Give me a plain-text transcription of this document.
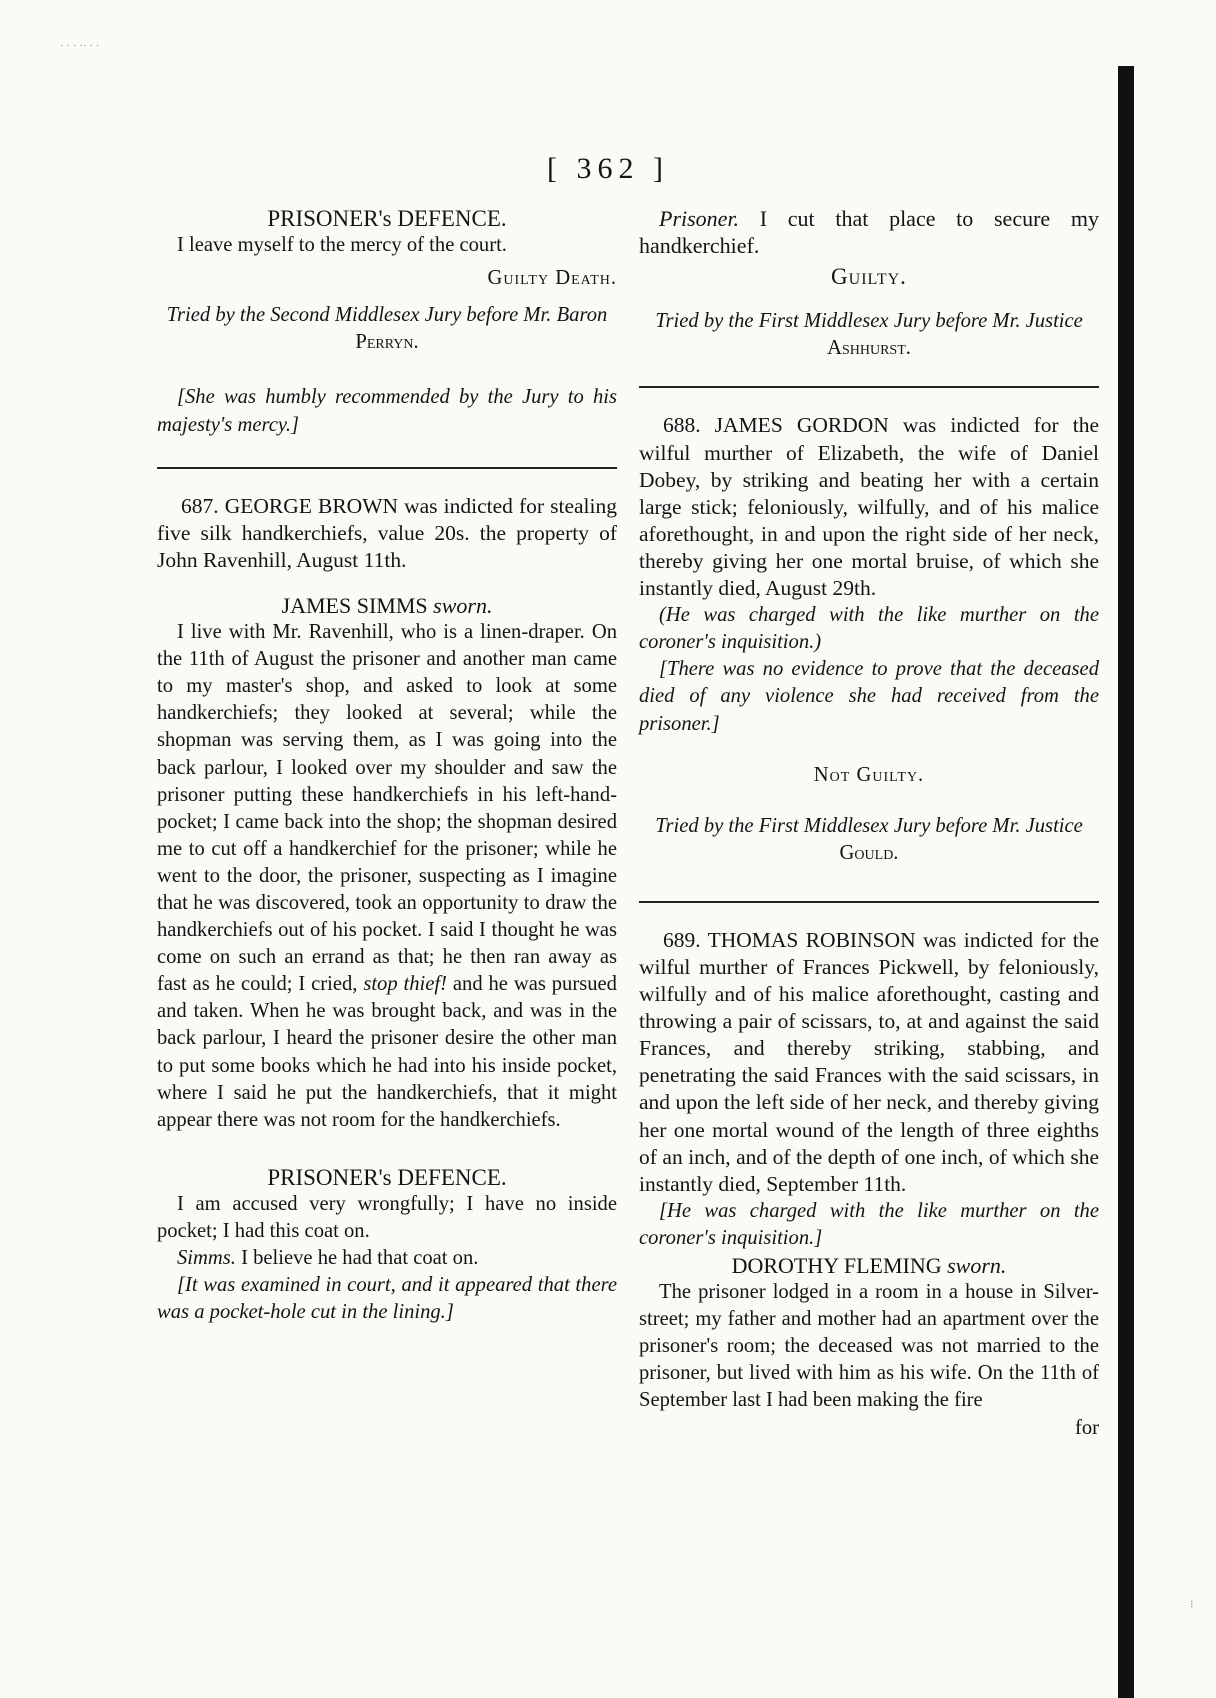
[ 362 ]
PRISONER's DEFENCE.

I leave myself to the mercy of the court.

Guilty Death.

Tried by the Second Middlesex Jury before Mr. Baron Perryn.

[She was humbly recommended by the Jury to his majesty's mercy.]

687. GEORGE BROWN was indicted for stealing five silk handkerchiefs, value 20s. the property of John Ravenhill, August 11th.

JAMES SIMMS sworn.

I live with Mr. Ravenhill, who is a linen-draper. On the 11th of August the prisoner and another man came to my master's shop, and asked to look at some handkerchiefs; they looked at several; while the shopman was serving them, as I was going into the back parlour, I looked over my shoulder and saw the prisoner putting these handkerchiefs in his left-hand-pocket; I came back into the shop; the shopman desired me to cut off a handkerchief for the prisoner; while he went to the door, the prisoner, suspecting as I imagine that he was discovered, took an opportunity to draw the handkerchiefs out of his pocket. I said I thought he was come on such an errand as that; he then ran away as fast as he could; I cried, stop thief! and he was pursued and taken. When he was brought back, and was in the back parlour, I heard the prisoner desire the other man to put some books which he had into his inside pocket, where I said he put the handkerchiefs, that it might appear there was not room for the handkerchiefs.

PRISONER's DEFENCE.

I am accused very wrongfully; I have no inside pocket; I had this coat on.

Simms. I believe he had that coat on.

[It was examined in court, and it appeared that there was a pocket-hole cut in the lining.]

Prisoner. I cut that place to secure my handkerchief.

Guilty.

Tried by the First Middlesex Jury before Mr. Justice Ashhurst.

688. JAMES GORDON was indicted for the wilful murther of Elizabeth, the wife of Daniel Dobey, by striking and beating her with a certain large stick; feloniously, wilfully, and of his malice aforethought, in and upon the right side of her neck, thereby giving her one mortal bruise, of which she instantly died, August 29th.

(He was charged with the like murther on the coroner's inquisition.)

[There was no evidence to prove that the deceased died of any violence she had received from the prisoner.]

Not Guilty.

Tried by the First Middlesex Jury before Mr. Justice Gould.

689. THOMAS ROBINSON was indicted for the wilful murther of Frances Pickwell, by feloniously, wilfully and of his malice aforethought, casting and throwing a pair of scissars, to, at and against the said Frances, and thereby striking, stabbing, and penetrating the said Frances with the said scissars, in and upon the left side of her neck, and thereby giving her one mortal wound of the length of three eighths of an inch, and of the depth of one inch, of which she instantly died, September 11th.

[He was charged with the like murther on the coroner's inquisition.]

DOROTHY FLEMING sworn.

The prisoner lodged in a room in a house in Silver-street; my father and mother had an apartment over the prisoner's room; the deceased was not married to the prisoner, but lived with him as his wife. On the 11th of September last I had been making the fire

for

· · · ·· · ·
⁝
